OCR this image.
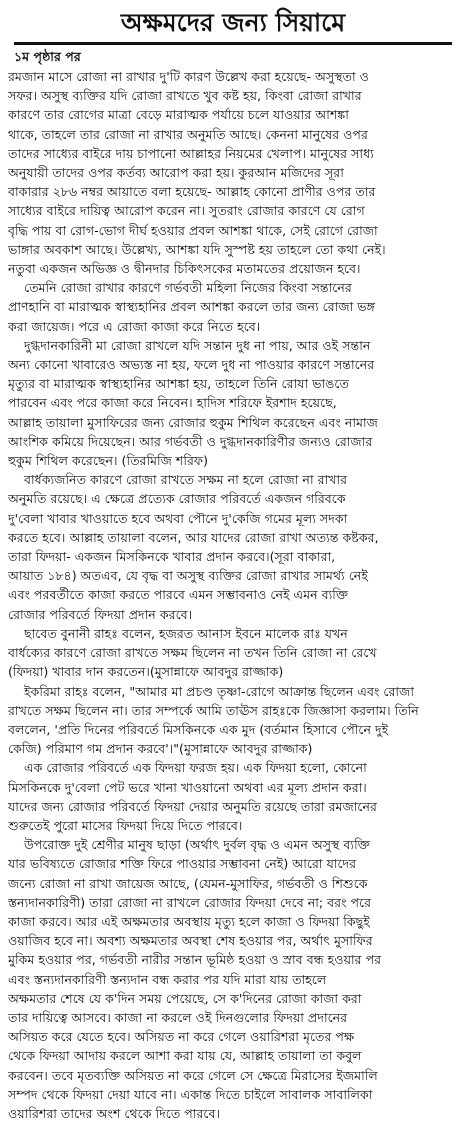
অক্ষমদের জন্য সিয়ামে
১ম পৃষ্ঠার পর
রমজান মাসে রোজা না রাখার দু'টি কারণ উল্লেখ করা হয়েছে- অসুস্থতা ও
সফর। অসুস্থ ব্যক্তির যদি রোজা রাখতে খুব কষ্ট হয়, কিংবা রোজা রাখার
কারণে তার রোগের মাত্রা বেড়ে মারাত্মক পর্যায়ে চলে যাওয়ার আশঙ্কা
থাকে, তাহলে তার রোজা না রাখার অনুমতি আছে। কেননা মানুষের ওপর
তাদের সাধ্যের বাইরে দায় চাপানো আল্লাহর নিয়মের খেলাপ। মানুষের সাধ্য
অনুযায়ী তাদের ওপর কর্তব্য আরোপ করা হয়। কুরআন মজিদের সূরা
বাকারার ২৮৬ নম্বর আয়াতে বলা হয়েছে- আল্লাহ কোনো প্রাণীর ওপর তার
সাধ্যের বাইরে দায়িত্ব আরোপ করেন না। সুতরাং রোজার কারণে যে রোগ
বৃদ্ধি পায় বা রোগ-ভোগ দীর্ঘ হওয়ার প্রবল আশঙ্কা থাকে, সেই রোগে রোজা
ভাঙ্গার অবকাশ আছে। উল্লেখ্য, আশঙ্কা যদি সুস্পষ্ট হয় তাহলে তো কথা নেই।
নতুবা একজন অভিজ্ঞ ও দ্বীনদার চিকিৎসকের মতামতের প্রয়োজন হবে।
তেমনি রোজা রাখার কারণে গর্ভবতী মহিলা নিজের কিংবা সন্তানের
প্রাণহানি বা মারাত্মক স্বাস্থ্যহানির প্রবল আশঙ্কা করলে তার জন্য রোজা ভঙ্গ
করা জায়েজ। পরে এ রোজা কাজা করে নিতে হবে।
দুগ্ধদানকারিনী মা রোজা রাখলে যদি সন্তান দুধ না পায়, আর ওই সন্তান
অন্য কোনো খাবারেও অভ্যস্ত না হয়, ফলে দুধ না পাওয়ার কারণে সন্তানের
মৃত্যুর বা মারাত্মক স্বাস্থ্যহানির আশঙ্কা হয়, তাহলে তিনি রোযা ভাঙতে
পারবেন এবং পরে কাজা করে নিবেন। হাদিস শরিফে ইরশাদ হয়েছে,
আল্লাহ তায়ালা মুসাফিরের জন্য রোজার হুকুম শিথিল করেছেন এবং নামাজ
আংশিক কমিয়ে দিয়েছেন। আর গর্ভবতী ও দুগ্ধদানকারিণীর জন্যও রোজার
হুকুম শিথিল করেছেন। (তিরমিজি শরিফ)
বার্ধক্যজনিত কারণে রোজা রাখতে সক্ষম না হলে রোজা না রাখার
অনুমতি রয়েছে। এ ক্ষেত্রে প্রত্যেক রোজার পরিবর্তে একজন গরিবকে
দু'বেলা খাবার খাওয়াতে হবে অথবা পৌনে দু'কেজি গমের মূল্য সদকা
করতে হবে। আল্লাহ তায়ালা বলেন, আর যাদের রোজা রাখা অত্যন্ত কষ্টকর,
তারা ফিদয়া- একজন মিসকিনকে খাবার প্রদান করবে।(সূরা বাকারা,
আয়াত ১৮৪) অতএব, যে বৃদ্ধ বা অসুস্থ ব্যক্তির রোজা রাখার সামর্থ্য নেই
এবং পরবর্তীতে কাজা করতে পারবে এমন সম্ভাবনাও নেই এমন ব্যক্তি
রোজার পরিবর্তে ফিদয়া প্রদান করবে।
ছাবেত বুনানী রাহঃ বলেন, হজরত আনাস ইবনে মালেক রাঃ যখন
বার্ধক্যের কারণে রোজা রাখতে সক্ষম ছিলেন না তখন তিনি রোজা না রেখে
(ফিদয়া) খাবার দান করতেন।(মুসান্নাফে আবদুর রাজ্জাক)
ইকরিমা রাহঃ বলেন, "আমার মা প্রচণ্ড তৃষ্ণা-রোগে আক্রান্ত ছিলেন এবং রোজা
রাখতে সক্ষম ছিলেন না। তার সম্পর্কে আমি তাঊস রাহঃকে জিজ্ঞাসা করলাম। তিনি
বললেন, 'প্রতি দিনের পরিবর্তে মিসকিনকে এক মুদ (বর্তমান হিসাবে পৌনে দুই
কেজি) পরিমাণ গম প্রদান করবে'।"(মুসান্নাফে আবদুর রাজ্জাক)
এক রোজার পরিবর্তে এক ফিদয়া ফরজ হয়। এক ফিদয়া হলো, কোনো
মিসকিনকে দু'বেলা পেট ভরে খানা খাওয়ানো অথবা এর মূল্য প্রদান করা।
যাদের জন্য রোজার পরিবর্তে ফিদয়া দেয়ার অনুমতি রয়েছে তারা রমজানের
শুরুতেই পুরো মাসের ফিদয়া দিয়ে দিতে পারবে।
উপরোক্ত দুই শ্রেণীর মানুষ ছাড়া (অর্থাৎ দুর্বল বৃদ্ধ ও এমন অসুস্থ ব্যক্তি
যার ভবিষ্যতে রোজার শক্তি ফিরে পাওয়ার সম্ভাবনা নেই) আরো যাদের
জন্যে রোজা না রাখা জায়েজ আছে, (যেমন-মুসাফির, গর্ভবতী ও শিশুকে
স্তন্যদানকারিণী) তারা রোজা না রাখলে রোজার ফিদয়া দেবে না; বরং পরে
কাজা করবে। আর এই অক্ষমতার অবস্থায় মৃত্যু হলে কাজা ও ফিদয়া কিছুই
ওয়াজিব হবে না। অবশ্য অক্ষমতার অবস্থা শেষ হওয়ার পর, অর্থাৎ মুসাফির
মুকিম হওয়ার পর, গর্ভবতী নারীর সন্তান ভূমিষ্ঠ হওয়া ও স্রাব বন্ধ হওয়ার পর
এবং স্তন্যদানকারিণী স্তন্যদান বন্ধ করার পর যদি মারা যায় তাহলে
অক্ষমতার শেষে যে ক'দিন সময় পেয়েছে, সে ক'দিনের রোজা কাজা করা
তার দায়িত্বে আসবে। কাজা না করলে ওই দিনগুলোর ফিদয়া প্রদানের
অসিয়ত করে যেতে হবে। অসিয়ত না করে গেলে ওয়ারিশরা মৃতের পক্ষ
থেকে ফিদয়া আদায় করলে আশা করা যায় যে, আল্লাহ তায়ালা তা কবুল
করবেন। তবে মৃতব্যক্তি অসিয়ত না করে গেলে সে ক্ষেত্রে মিরাসের ইজমালি
সম্পদ থেকে ফিদয়া দেয়া যাবে না। একান্ত দিতে চাইলে সাবালক সাবালিকা
ওয়ারিশরা তাদের অংশ থেকে দিতে পারবে।
